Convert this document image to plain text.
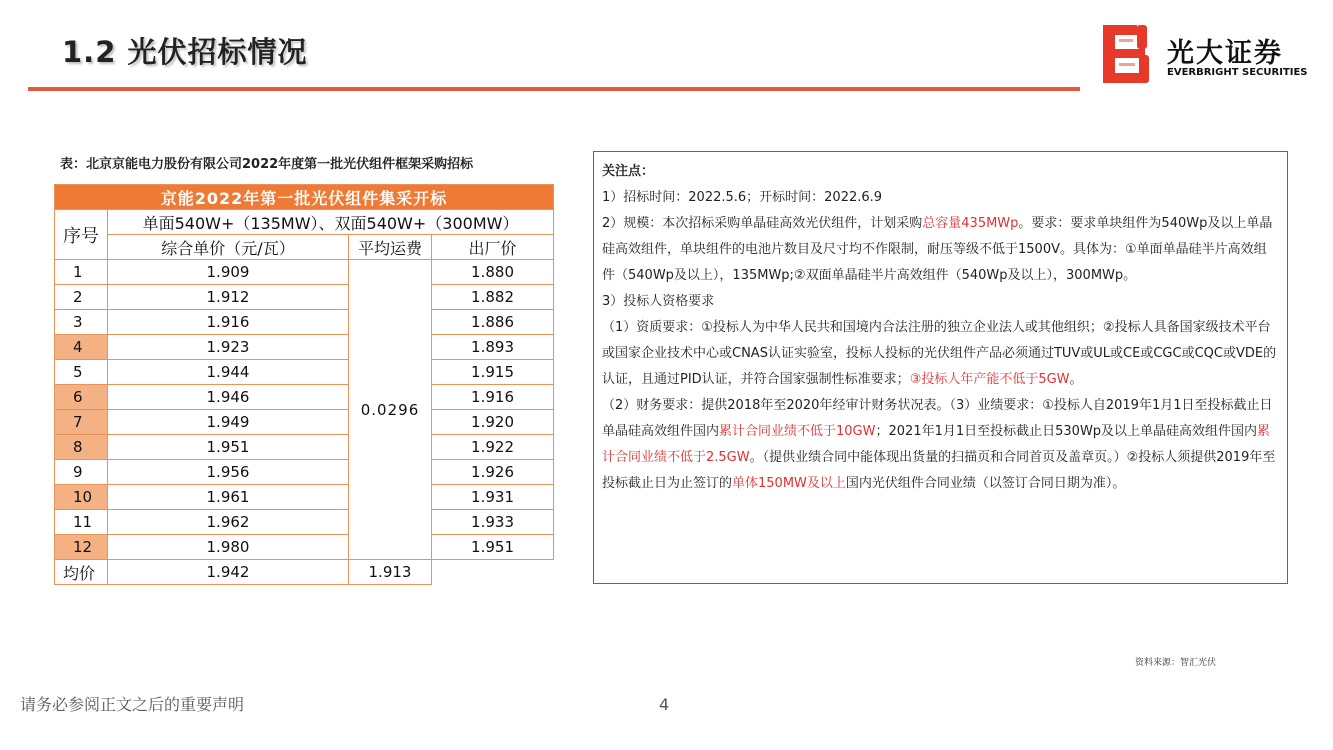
1.2 光伏招标情况	光大证券
EVERBRIGHT SECURITIES
表：北京京能电力股份有限公司2022年度第一批光伏组件框架采购招标
京能2022年第一批光伏组件集采开标			
序号	单面540W+（135MW）、双面540W+（300MW）		
	综合单价（元/瓦）	平均运费	出厂价
1	1.909	0.0296	1.880
2	1.912		1.882
3	1.916		1.886
4	1.923		1.893
5	1.944		1.915
6	1.946		1.916
7	1.949		1.920
8	1.951		1.922
9	1.956		1.926
10	1.961		1.931
11	1.962		1.933
12	1.980		1.951
均价	1.942	1.913	

关注点：

1）招标时间：2022.5.6；开标时间：2022.6.9

2）规模：本次招标采购单晶硅高效光伏组件，计划采购总容量435MWp。要求：要求单块组件为540Wp及以上单晶硅高效组件，单块组件的电池片数目及尺寸均不作限制，耐压等级不低于1500V。具体为：①单面单晶硅半片高效组件（540Wp及以上），135MWp;②双面单晶硅半片高效组件（540Wp及以上），300MWp。

3）投标人资格要求

（1）资质要求：①投标人为中华人民共和国境内合法注册的独立企业法人或其他组织；②投标人具备国家级技术平台或国家企业技术中心或CNAS认证实验室，投标人投标的光伏组件产品必须通过TUV或UL或CE或CGC或CQC或VDE的认证，且通过PID认证，并符合国家强制性标准要求；③投标人年产能不低于5GW。

（2）财务要求：提供2018年至2020年经审计财务状况表。（3）业绩要求：①投标人自2019年1月1日至投标截止日单晶硅高效组件国内累计合同业绩不低于10GW；2021年1月1日至投标截止日530Wp及以上单晶硅高效组件国内累计合同业绩不低于2.5GW。（提供业绩合同中能体现出货量的扫描页和合同首页及盖章页。）②投标人须提供2019年至投标截止日为止签订的单体150MW及以上国内光伏组件合同业绩（以签订合同日期为准）。

资料来源：智汇光伏
请务必参阅正文之后的重要声明	4
